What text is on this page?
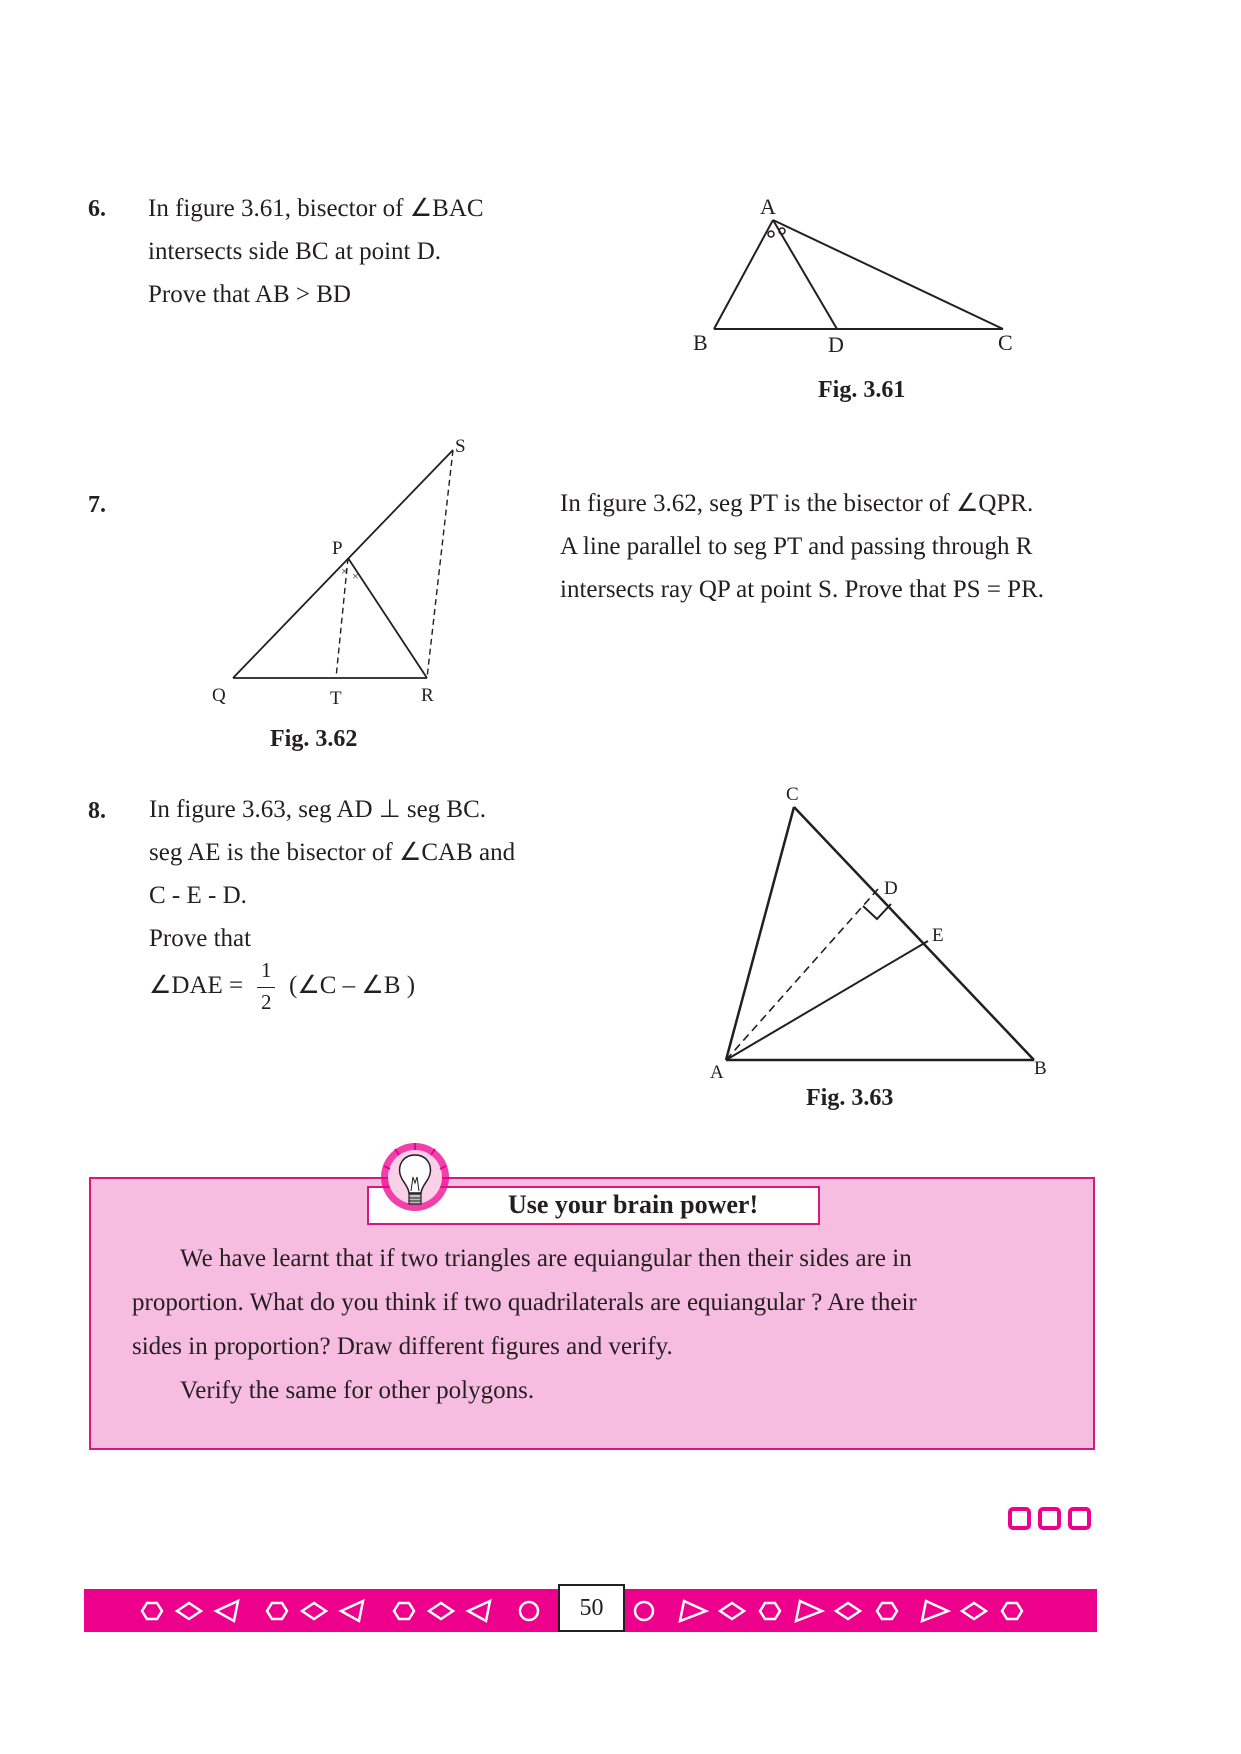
6. In figure 3.61, bisector of ∠BAC
intersects side BC at point D.
Prove that AB > BD
A
B	D	C
Fig. 3.61
7.
× ×
S
P
Q	T	R
Fig. 3.62
In figure 3.62, seg PT is the bisector of ∠QPR.
A line parallel to seg PT and passing through R
intersects ray QP at point S. Prove that PS = PR.
8. In figure 3.63, seg AD ⊥ seg BC.
seg AE is the bisector of ∠CAB and
C - E - D.
Prove that
∠DAE =
1
2
(∠C – ∠B )
C
D
E
A	B
Fig. 3.63
Use your brain power!
We have learnt that if two triangles are equiangular then their sides are in
proportion. What do you think if two quadrilaterals are equiangular ? Are their
sides in proportion? Draw different figures and verify.
Verify the same for other polygons.
50
